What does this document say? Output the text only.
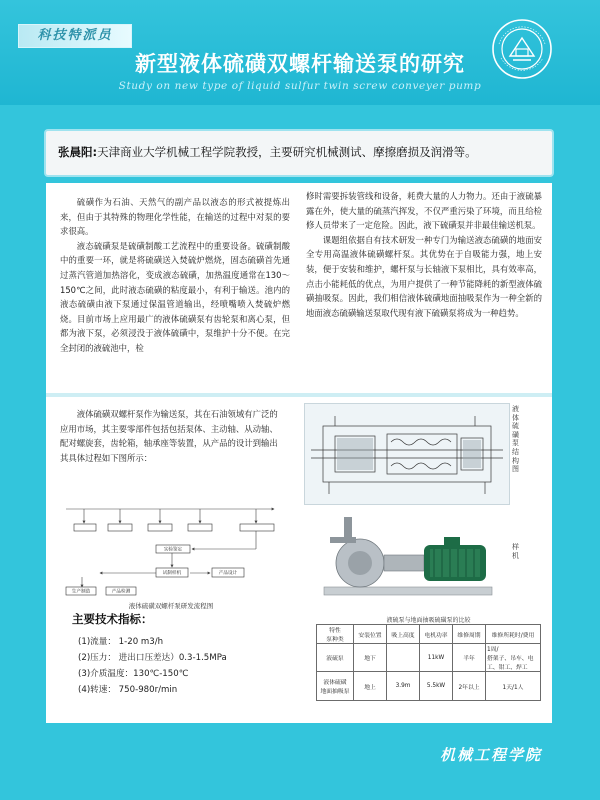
科技特派员
新型液体硫磺双螺杆输送泵的研究
Study on new type of liquid sulfur twin screw conveyer pump
张晨阳:天津商业大学机械工程学院教授，主要研究机械测试、摩擦磨损及润滑等。

硫磺作为石油、天然气的副产品以液态的形式被提炼出来，但由于其特殊的物理化学性能，在输送的过程中对泵的要求很高。

液态硫磺泵是硫磺制酸工艺流程中的重要设备。硫磺制酸中的重要一环，就是将硫磺送入焚硫炉燃烧，固态硫磺首先通过蒸汽管道加热溶化，变成液态硫磺，加热温度通常在130～150℃之间，此时液态硫磺的粘度最小，有利于输送。池内的液态硫磺由液下泵通过保温管道输出，经喷嘴喷入焚硫炉燃烧。目前市场上应用最广的液体硫磺泵有齿轮泵和离心泵，但都为液下泵，必须浸没于液体硫磺中，泵维护十分不便。在完全封闭的液硫池中，检

修时需要拆装管线和设备，耗费大量的人力物力。还由于液硫暴露在外，使大量的硫蒸汽挥发，不仅严重污染了环境，而且给检修人员带来了一定危险。因此，液下硫磺泵并非最佳输送机泵。

课题组依据自有技术研发一种专门为输送液态硫磺的地面安全专用高温液体硫磺螺杆泵。其优势在于自吸能力强，地上安装，便于安装和维护，螺杆泵与长轴液下泵相比，具有效率高，点击小能耗低的优点，为用户提供了一种节能降耗的新型液体硫磺抽吸泵。因此，我们相信液体硫磺地面抽吸泵作为一种全新的地面液态硫磺输送泵取代现有液下硫磺泵将成为一种趋势。

液体硫磺双螺杆泵作为输送泵，其在石油领域有广泛的应用市场，其主要零部件包括包括泵体、主动轴、从动轴、配对螺旋套，齿轮箱，轴承座等装置，从产品的设计到输出其具体过程如下图所示：

实验鉴定
试制样机	产品设计
生产制造	产品检测
液体硫磺双螺杆泵研发流程图
主要技术指标：
(1)流量： 1-20 m3/h
(2)压力： 进出口压差达）0.3-1.5MPa
(3)介质温度：130℃-150℃
(4)转速： 750-980r/min
液体硫磺泵结构图
样机
液硫泵与地面抽吸硫磺泵的比较
特性
泵种类	安装位置	吸上高度	电机功率	维修周期	维修所耗时/费用
液硫泵	地下		11kW	半年	1周/
搭架子、吊车、电工、钳工、焊工
液体硫磺
地面抽吸泵	地上	3.9m	5.5kW	2年以上	1天/1人
机械工程学院
